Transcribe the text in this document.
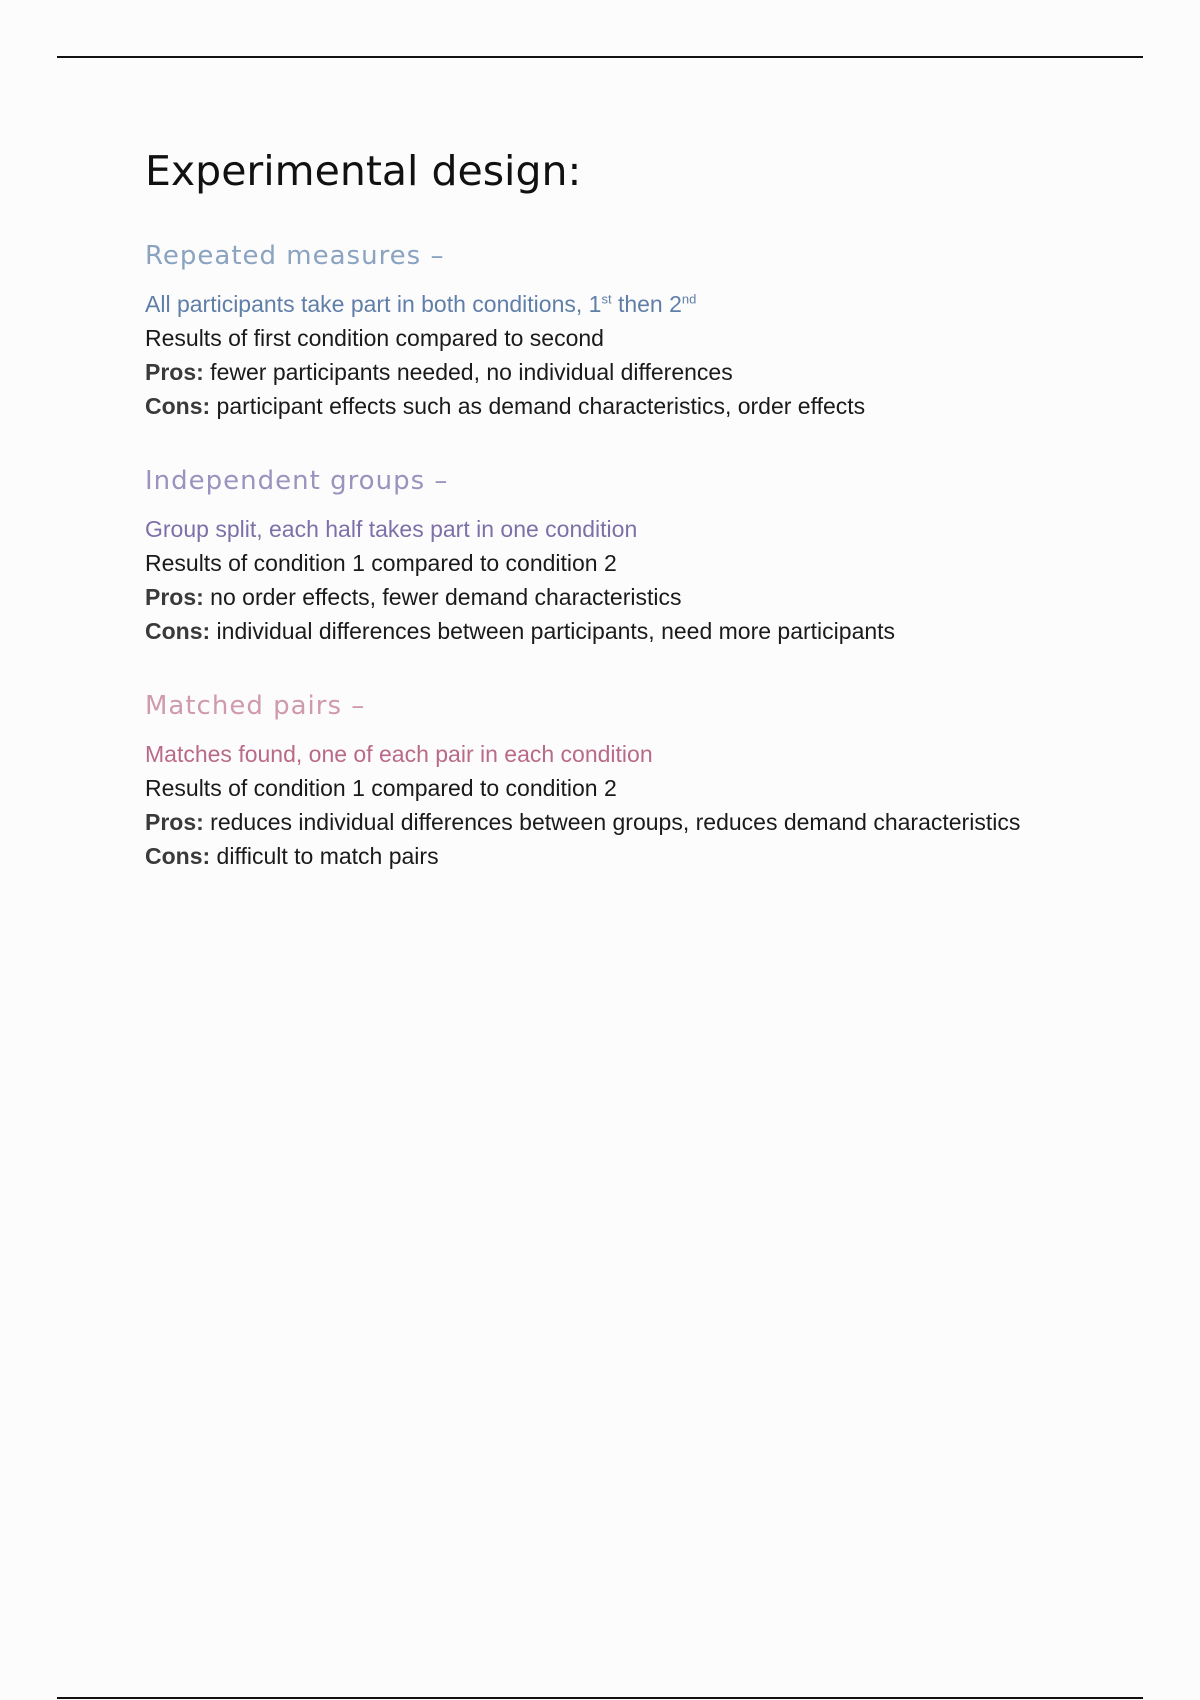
Experimental design:
Repeated measures –
All participants take part in both conditions, 1st then 2nd
Results of first condition compared to second
Pros: fewer participants needed, no individual differences
Cons: participant effects such as demand characteristics, order effects
Independent groups –
Group split, each half takes part in one condition
Results of condition 1 compared to condition 2
Pros: no order effects, fewer demand characteristics
Cons: individual differences between participants, need more participants
Matched pairs –
Matches found, one of each pair in each condition
Results of condition 1 compared to condition 2
Pros: reduces individual differences between groups, reduces demand characteristics
Cons: difficult to match pairs
